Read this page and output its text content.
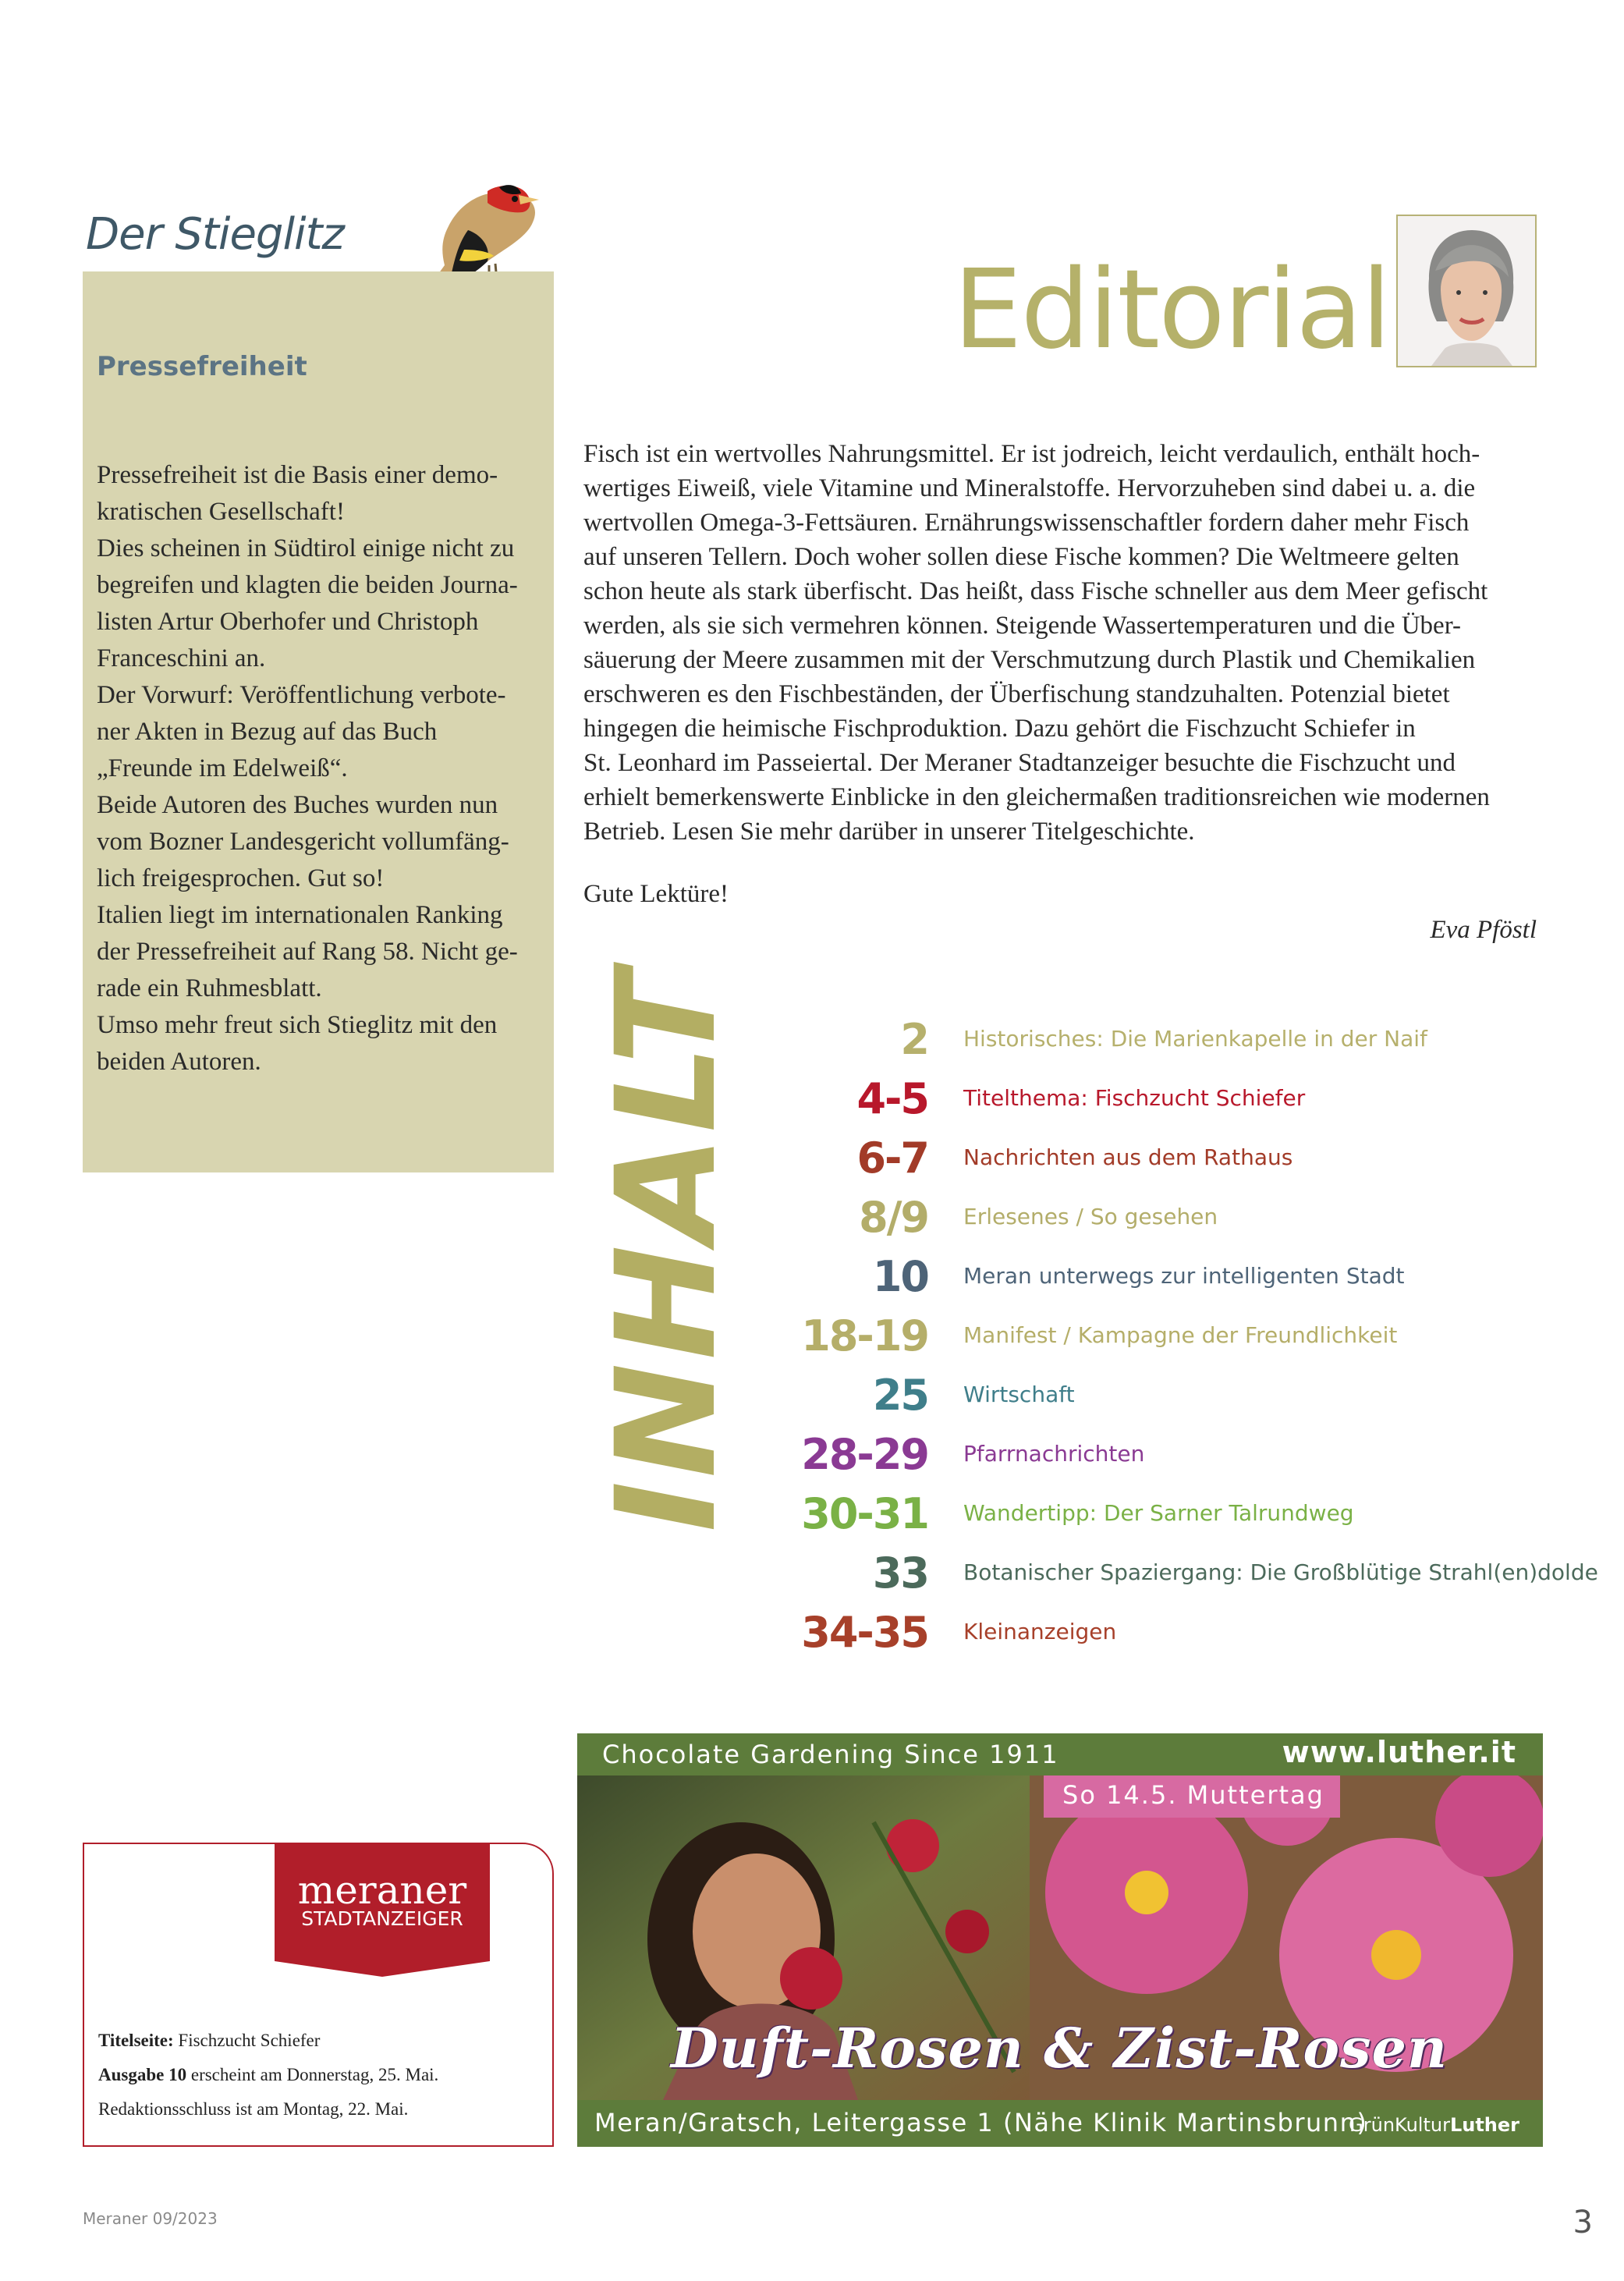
Der Stieglitz
Pressefreiheit

Pressefreiheit ist die Basis einer demo-

kratischen Gesellschaft!

Dies scheinen in Südtirol einige nicht zu

begreifen und klagten die beiden Journa-

listen Artur Oberhofer und Christoph

Franceschini an.

Der Vorwurf: Veröffentlichung verbote-

ner Akten in Bezug auf das Buch

„Freunde im Edelweiß“.

Beide Autoren des Buches wurden nun

vom Bozner Landesgericht vollumfäng-

lich freigesprochen. Gut so!

Italien liegt im internationalen Ranking

der Pressefreiheit auf Rang 58. Nicht ge-

rade ein Ruhmesblatt.

Umso mehr freut sich Stieglitz mit den

beiden Autoren.

Editorial

Fisch ist ein wertvolles Nahrungsmittel. Er ist jodreich, leicht verdaulich, enthält hoch-

wertiges Eiweiß, viele Vitamine und Mineralstoffe. Hervorzuheben sind dabei u. a. die

wertvollen Omega-3-Fettsäuren. Ernährungswissenschaftler fordern daher mehr Fisch

auf unseren Tellern. Doch woher sollen diese Fische kommen? Die Weltmeere gelten

schon heute als stark überfischt. Das heißt, dass Fische schneller aus dem Meer gefischt

werden, als sie sich vermehren können. Steigende Wassertemperaturen und die Über-

säuerung der Meere zusammen mit der Verschmutzung durch Plastik und Chemikalien

erschweren es den Fischbeständen, der Überfischung standzuhalten. Potenzial bietet

hingegen die heimische Fischproduktion. Dazu gehört die Fischzucht Schiefer in

St. Leonhard im Passeiertal. Der Meraner Stadtanzeiger besuchte die Fischzucht und

erhielt bemerkenswerte Einblicke in den gleichermaßen traditionsreichen wie modernen

Betrieb. Lesen Sie mehr darüber in unserer Titelgeschichte.

Gute Lektüre!
Eva Pföstl
INHALT	2 Historisches: Die Marienkapelle in der Naif
4-5 Titelthema: Fischzucht Schiefer
6-7 Nachrichten aus dem Rathaus
8/9 Erlesenes / So gesehen
10 Meran unterwegs zur intelligenten Stadt
18-19 Manifest / Kampagne der Freundlichkeit
25 Wirtschaft
28-29 Pfarrnachrichten
30-31 Wandertipp: Der Sarner Talrundweg
33 Botanischer Spaziergang: Die Großblütige Strahl(en)dolde
34-35 Kleinanzeigen
meraner
STADTANZEIGER
Titelseite: Fischzucht Schiefer
Ausgabe 10 erscheint am Donnerstag, 25. Mai.
Redaktionsschluss ist am Montag, 22. Mai.
Chocolate Gardening Since 1911	www.luther.it
So 14.5. Muttertag
Duft-Rosen & Zist-Rosen
Meran/Gratsch, Leitergasse 1 (Nähe Klinik Martinsbrunn)
GrünKulturLuther
Meraner 09/2023	3
